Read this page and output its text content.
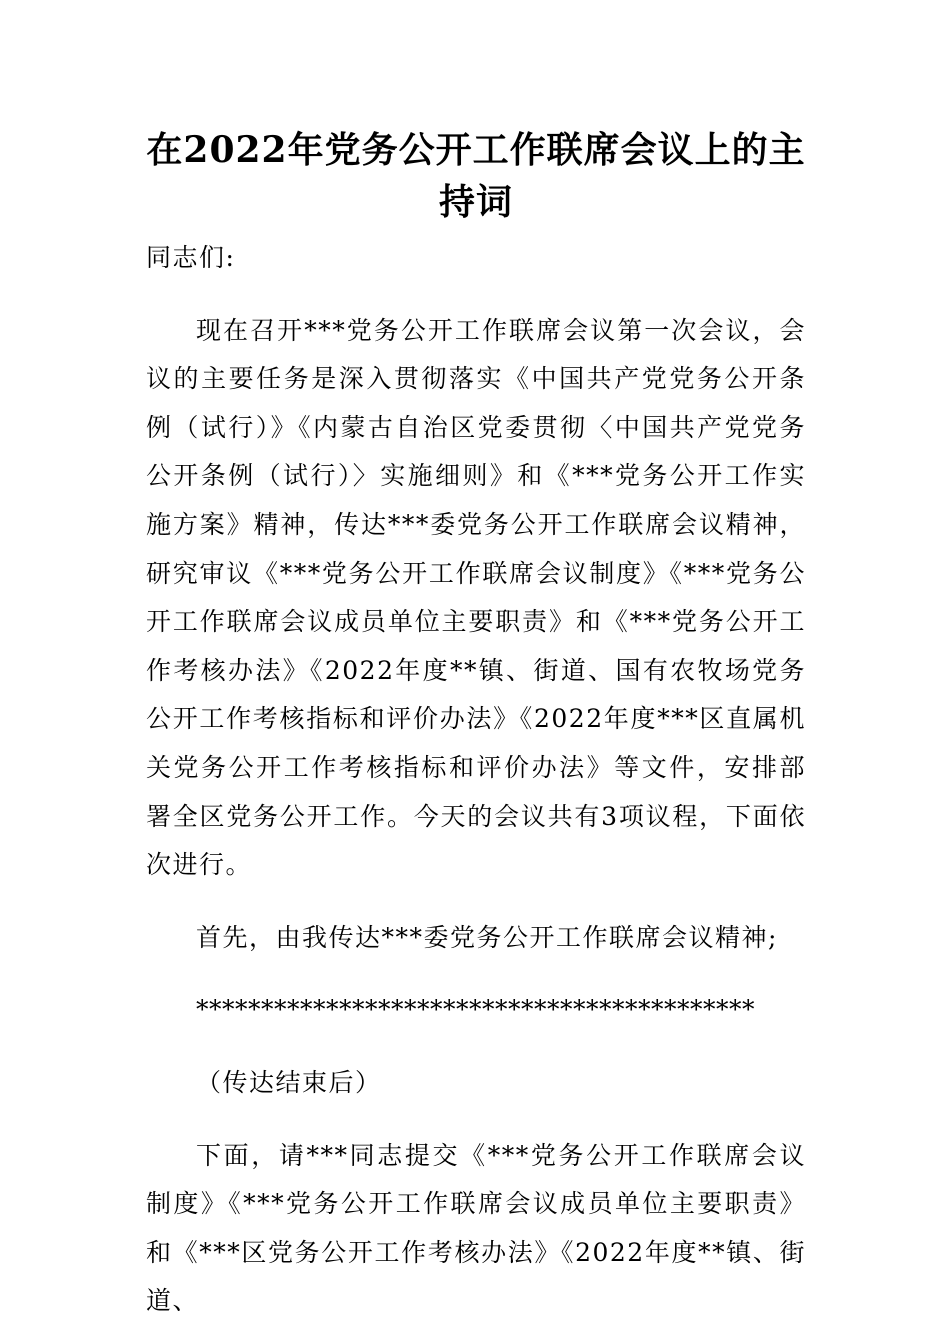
在2022年党务公开工作联席会议上的主
持词

同志们:

现在召开***党务公开工作联席会议第一次会议，会议的主要任务是深入贯彻落实《中国共产党党务公开条例（试行）》《内蒙古自治区党委贯彻〈中国共产党党务公开条例（试行）〉实施细则》和《***党务公开工作实施方案》精神，传达***委党务公开工作联席会议精神，研究审议《***党务公开工作联席会议制度》《***党务公开工作联席会议成员单位主要职责》和《***党务公开工作考核办法》《2022年度**镇、街道、国有农牧场党务公开工作考核指标和评价办法》《2022年度***区直属机关党务公开工作考核指标和评价办法》等文件，安排部署全区党务公开工作。今天的会议共有3项议程，下面依次进行。

首先，由我传达***委党务公开工作联席会议精神;

*******************************************

（传达结束后）

下面，请***同志提交《***党务公开工作联席会议制度》《***党务公开工作联席会议成员单位主要职责》和《***区党务公开工作考核办法》《2022年度**镇、街道、
